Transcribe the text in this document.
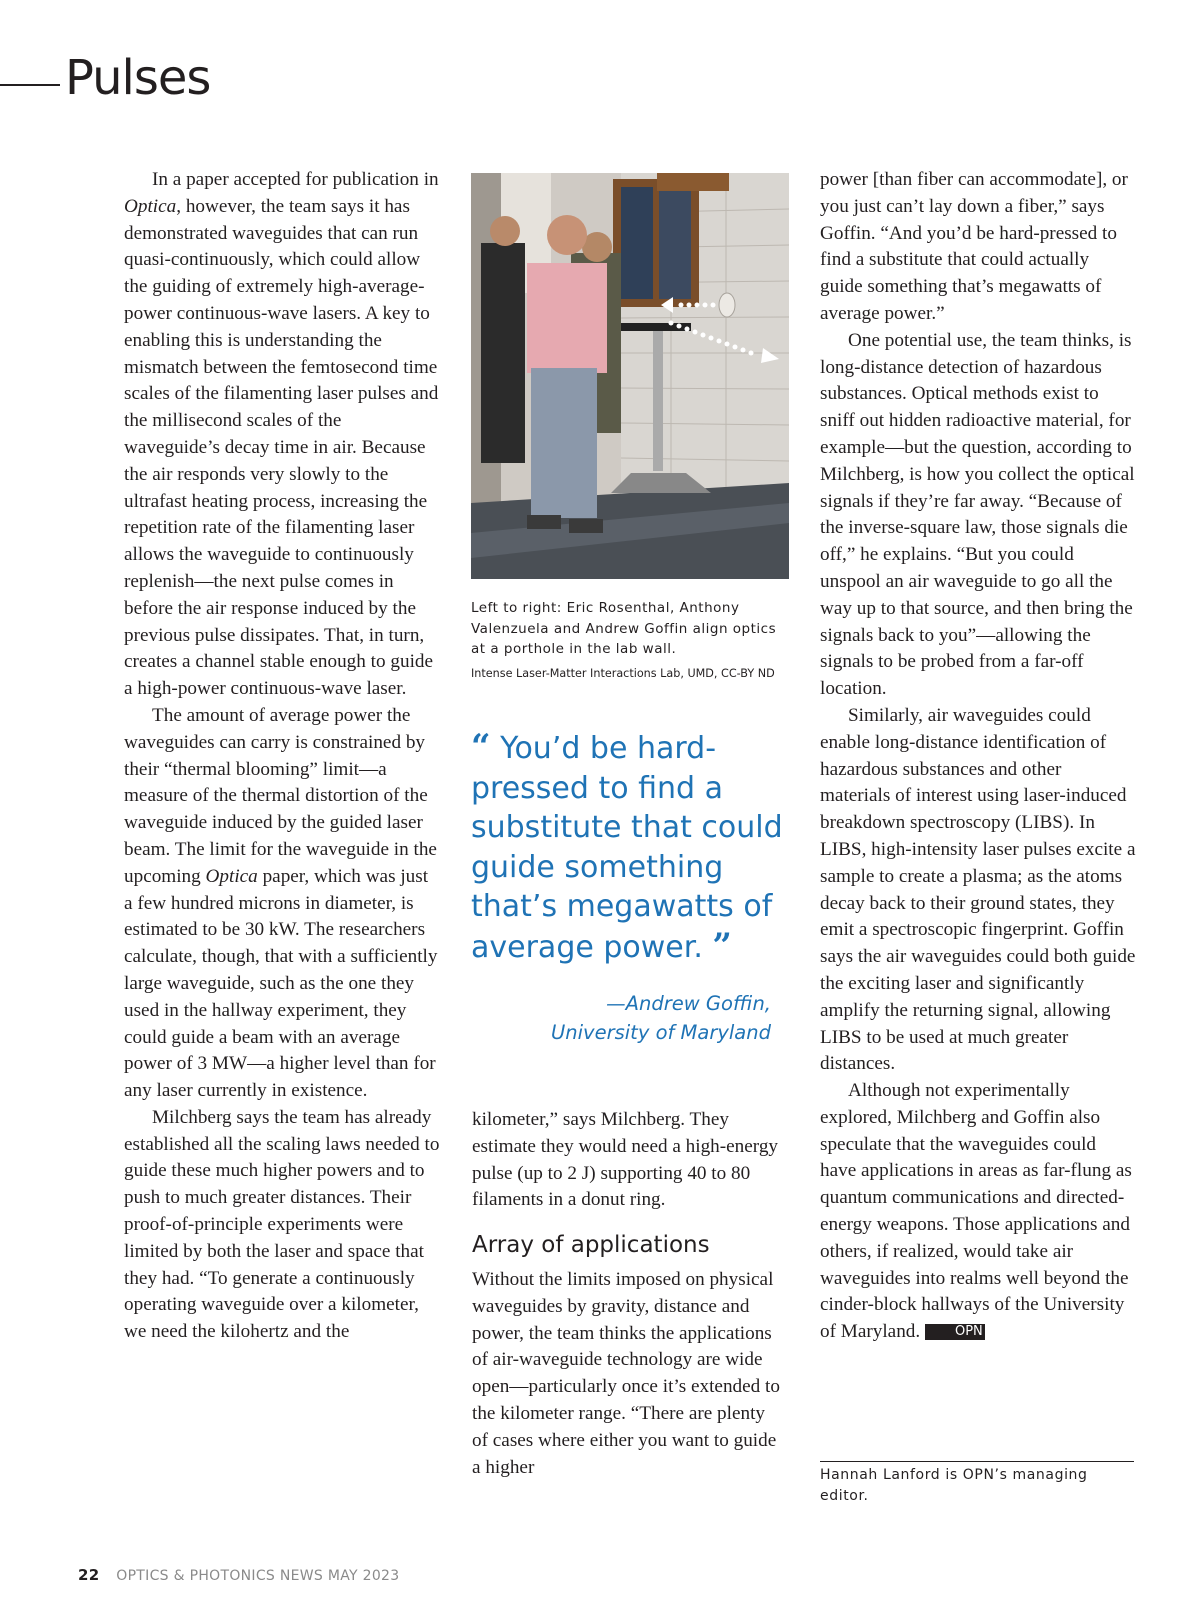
Pulses

In a paper accepted for publication in Optica, however, the team says it has demonstrated waveguides that can run quasi-continuously, which could allow the guiding of extremely high-average-power continuous-wave lasers. A key to enabling this is understanding the mismatch between the femtosecond time scales of the filamenting laser pulses and the millisecond scales of the waveguide’s decay time in air. Because the air responds very slowly to the ultrafast heating process, increasing the repetition rate of the filamenting laser allows the waveguide to continuously replenish—the next pulse comes in before the air response induced by the previous pulse dissipates. That, in turn, creates a channel stable enough to guide a high-power continuous-wave laser.

The amount of average power the waveguides can carry is constrained by their “thermal blooming” limit—a measure of the thermal distortion of the waveguide induced by the guided laser beam. The limit for the waveguide in the upcoming Optica paper, which was just a few hundred microns in diameter, is estimated to be 30 kW. The researchers calculate, though, that with a sufficiently large waveguide, such as the one they used in the hallway experiment, they could guide a beam with an average power of 3 MW—a higher level than for any laser currently in existence.

Milchberg says the team has already established all the scaling laws needed to guide these much higher powers and to push to much greater distances. Their proof-of-principle experiments were limited by both the laser and space that they had. “To generate a continuously operating waveguide over a kilometer, we need the kilohertz and the

Left to right: Eric Rosenthal, Anthony Valenzuela and Andrew Goffin align optics at a porthole in the lab wall.
Intense Laser-Matter Interactions Lab, UMD, CC-BY ND
“ You’d be hard-pressed to find a substitute that could guide something that’s megawatts of average power. ”
—Andrew Goffin,
University of Maryland

kilometer,” says Milchberg. They estimate they would need a high-energy pulse (up to 2 J) supporting 40 to 80 filaments in a donut ring.

Array of applications

Without the limits imposed on physical waveguides by gravity, distance and power, the team thinks the applications of air-waveguide technology are wide open—particularly once it’s extended to the kilometer range. “There are plenty of cases where either you want to guide a higher

power [than fiber can accommodate], or you just can’t lay down a fiber,” says Goffin. “And you’d be hard-pressed to find a substitute that could actually guide something that’s megawatts of average power.”

One potential use, the team thinks, is long-distance detection of hazardous substances. Optical methods exist to sniff out hidden radioactive material, for example—but the question, according to Milchberg, is how you collect the optical signals if they’re far away. “Because of the inverse-square law, those signals die off,” he explains. “But you could unspool an air waveguide to go all the way up to that source, and then bring the signals back to you”—allowing the signals to be probed from a far-off location.

Similarly, air waveguides could enable long-distance identification of hazardous substances and other materials of interest using laser-induced breakdown spectroscopy (LIBS). In LIBS, high-intensity laser pulses excite a sample to create a plasma; as the atoms decay back to their ground states, they emit a spectroscopic fingerprint. Goffin says the air waveguides could both guide the exciting laser and significantly amplify the returning signal, allowing LIBS to be used at much greater distances.

Although not experimentally explored, Milchberg and Goffin also speculate that the waveguides could have applications in areas as far-flung as quantum communications and directed-energy weapons. Those applications and others, if realized, would take air waveguides into realms well beyond the cinder-block hallways of the University of Maryland.	OPN

Hannah Lanford is OPN’s managing editor.
22 OPTICS & PHOTONICS NEWS MAY 2023
